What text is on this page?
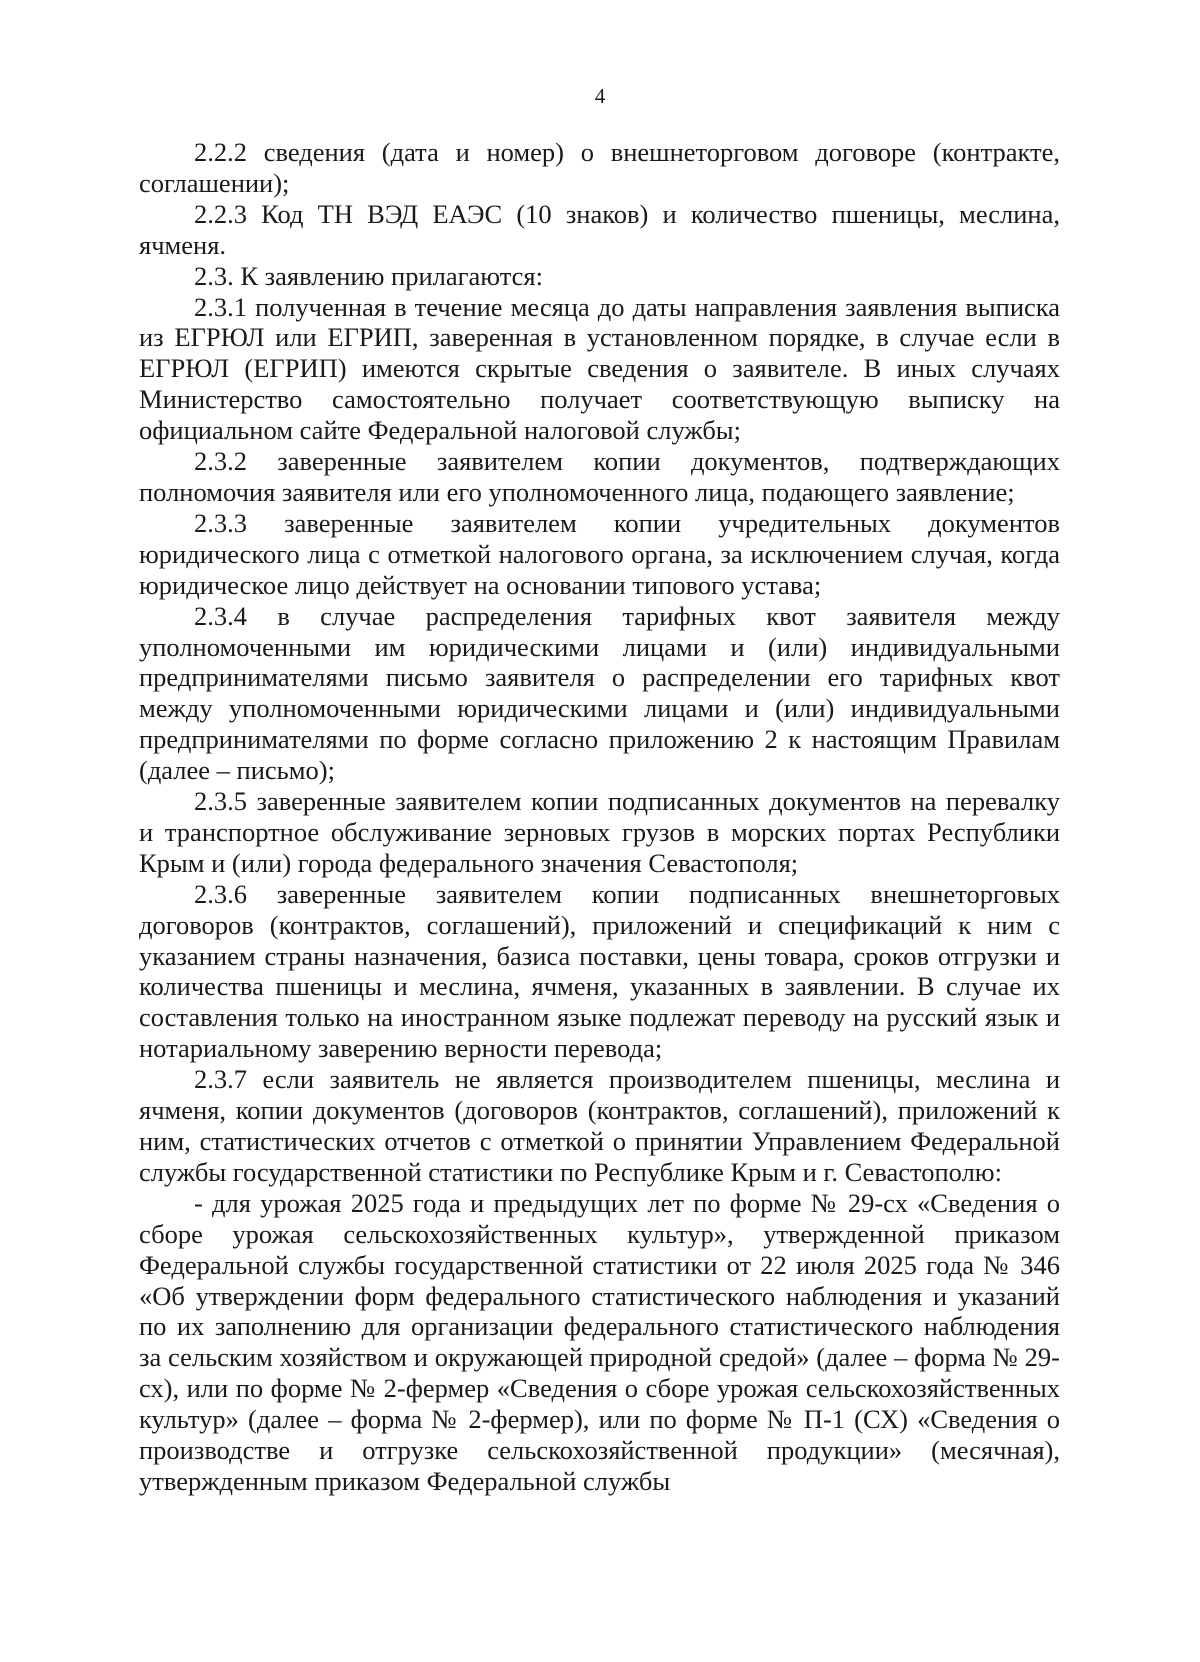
4

2.2.2 сведения (дата и номер) о внешнеторговом договоре (контракте, соглашении);

2.2.3 Код ТН ВЭД ЕАЭС (10 знаков) и количество пшеницы, меслина, ячменя.

2.3. К заявлению прилагаются:

2.3.1 полученная в течение месяца до даты направления заявления выписка из ЕГРЮЛ или ЕГРИП, заверенная в установленном порядке, в случае если в ЕГРЮЛ (ЕГРИП) имеются скрытые сведения о заявителе. В иных случаях Министерство самостоятельно получает соответствующую выписку на официальном сайте Федеральной налоговой службы;

2.3.2 заверенные заявителем копии документов, подтверждающих полномочия заявителя или его уполномоченного лица, подающего заявление;

2.3.3 заверенные заявителем копии учредительных документов юридического лица с отметкой налогового органа, за исключением случая, когда юридическое лицо действует на основании типового устава;

2.3.4 в случае распределения тарифных квот заявителя между уполномоченными им юридическими лицами и (или) индивидуальными предпринимателями письмо заявителя о распределении его тарифных квот между уполномоченными юридическими лицами и (или) индивидуальными предпринимателями по форме согласно приложению 2 к настоящим Правилам (далее – письмо);

2.3.5 заверенные заявителем копии подписанных документов на перевалку и транспортное обслуживание зерновых грузов в морских портах Республики Крым и (или) города федерального значения Севастополя;

2.3.6 заверенные заявителем копии подписанных внешнеторговых договоров (контрактов, соглашений), приложений и спецификаций к ним с указанием страны назначения, базиса поставки, цены товара, сроков отгрузки и количества пшеницы и меслина, ячменя, указанных в заявлении. В случае их составления только на иностранном языке подлежат переводу на русский язык и нотариальному заверению верности перевода;

2.3.7 если заявитель не является производителем пшеницы, меслина и ячменя, копии документов (договоров (контрактов, соглашений), приложений к ним, статистических отчетов с отметкой о принятии Управлением Федеральной службы государственной статистики по Республике Крым и г. Севастополю:

- для урожая 2025 года и предыдущих лет по форме № 29-сх «Сведения о сборе урожая сельскохозяйственных культур», утвержденной приказом Федеральной службы государственной статистики от 22 июля 2025 года № 346 «Об утверждении форм федерального статистического наблюдения и указаний по их заполнению для организации федерального статистического наблюдения за сельским хозяйством и окружающей природной средой» (далее – форма № 29-сх), или по форме № 2-фермер «Сведения о сборе урожая сельскохозяйственных культур» (далее – форма № 2-фермер), или по форме № П-1 (СХ) «Сведения о производстве и отгрузке сельскохозяйственной продукции» (месячная), утвержденным приказом Федеральной службы
